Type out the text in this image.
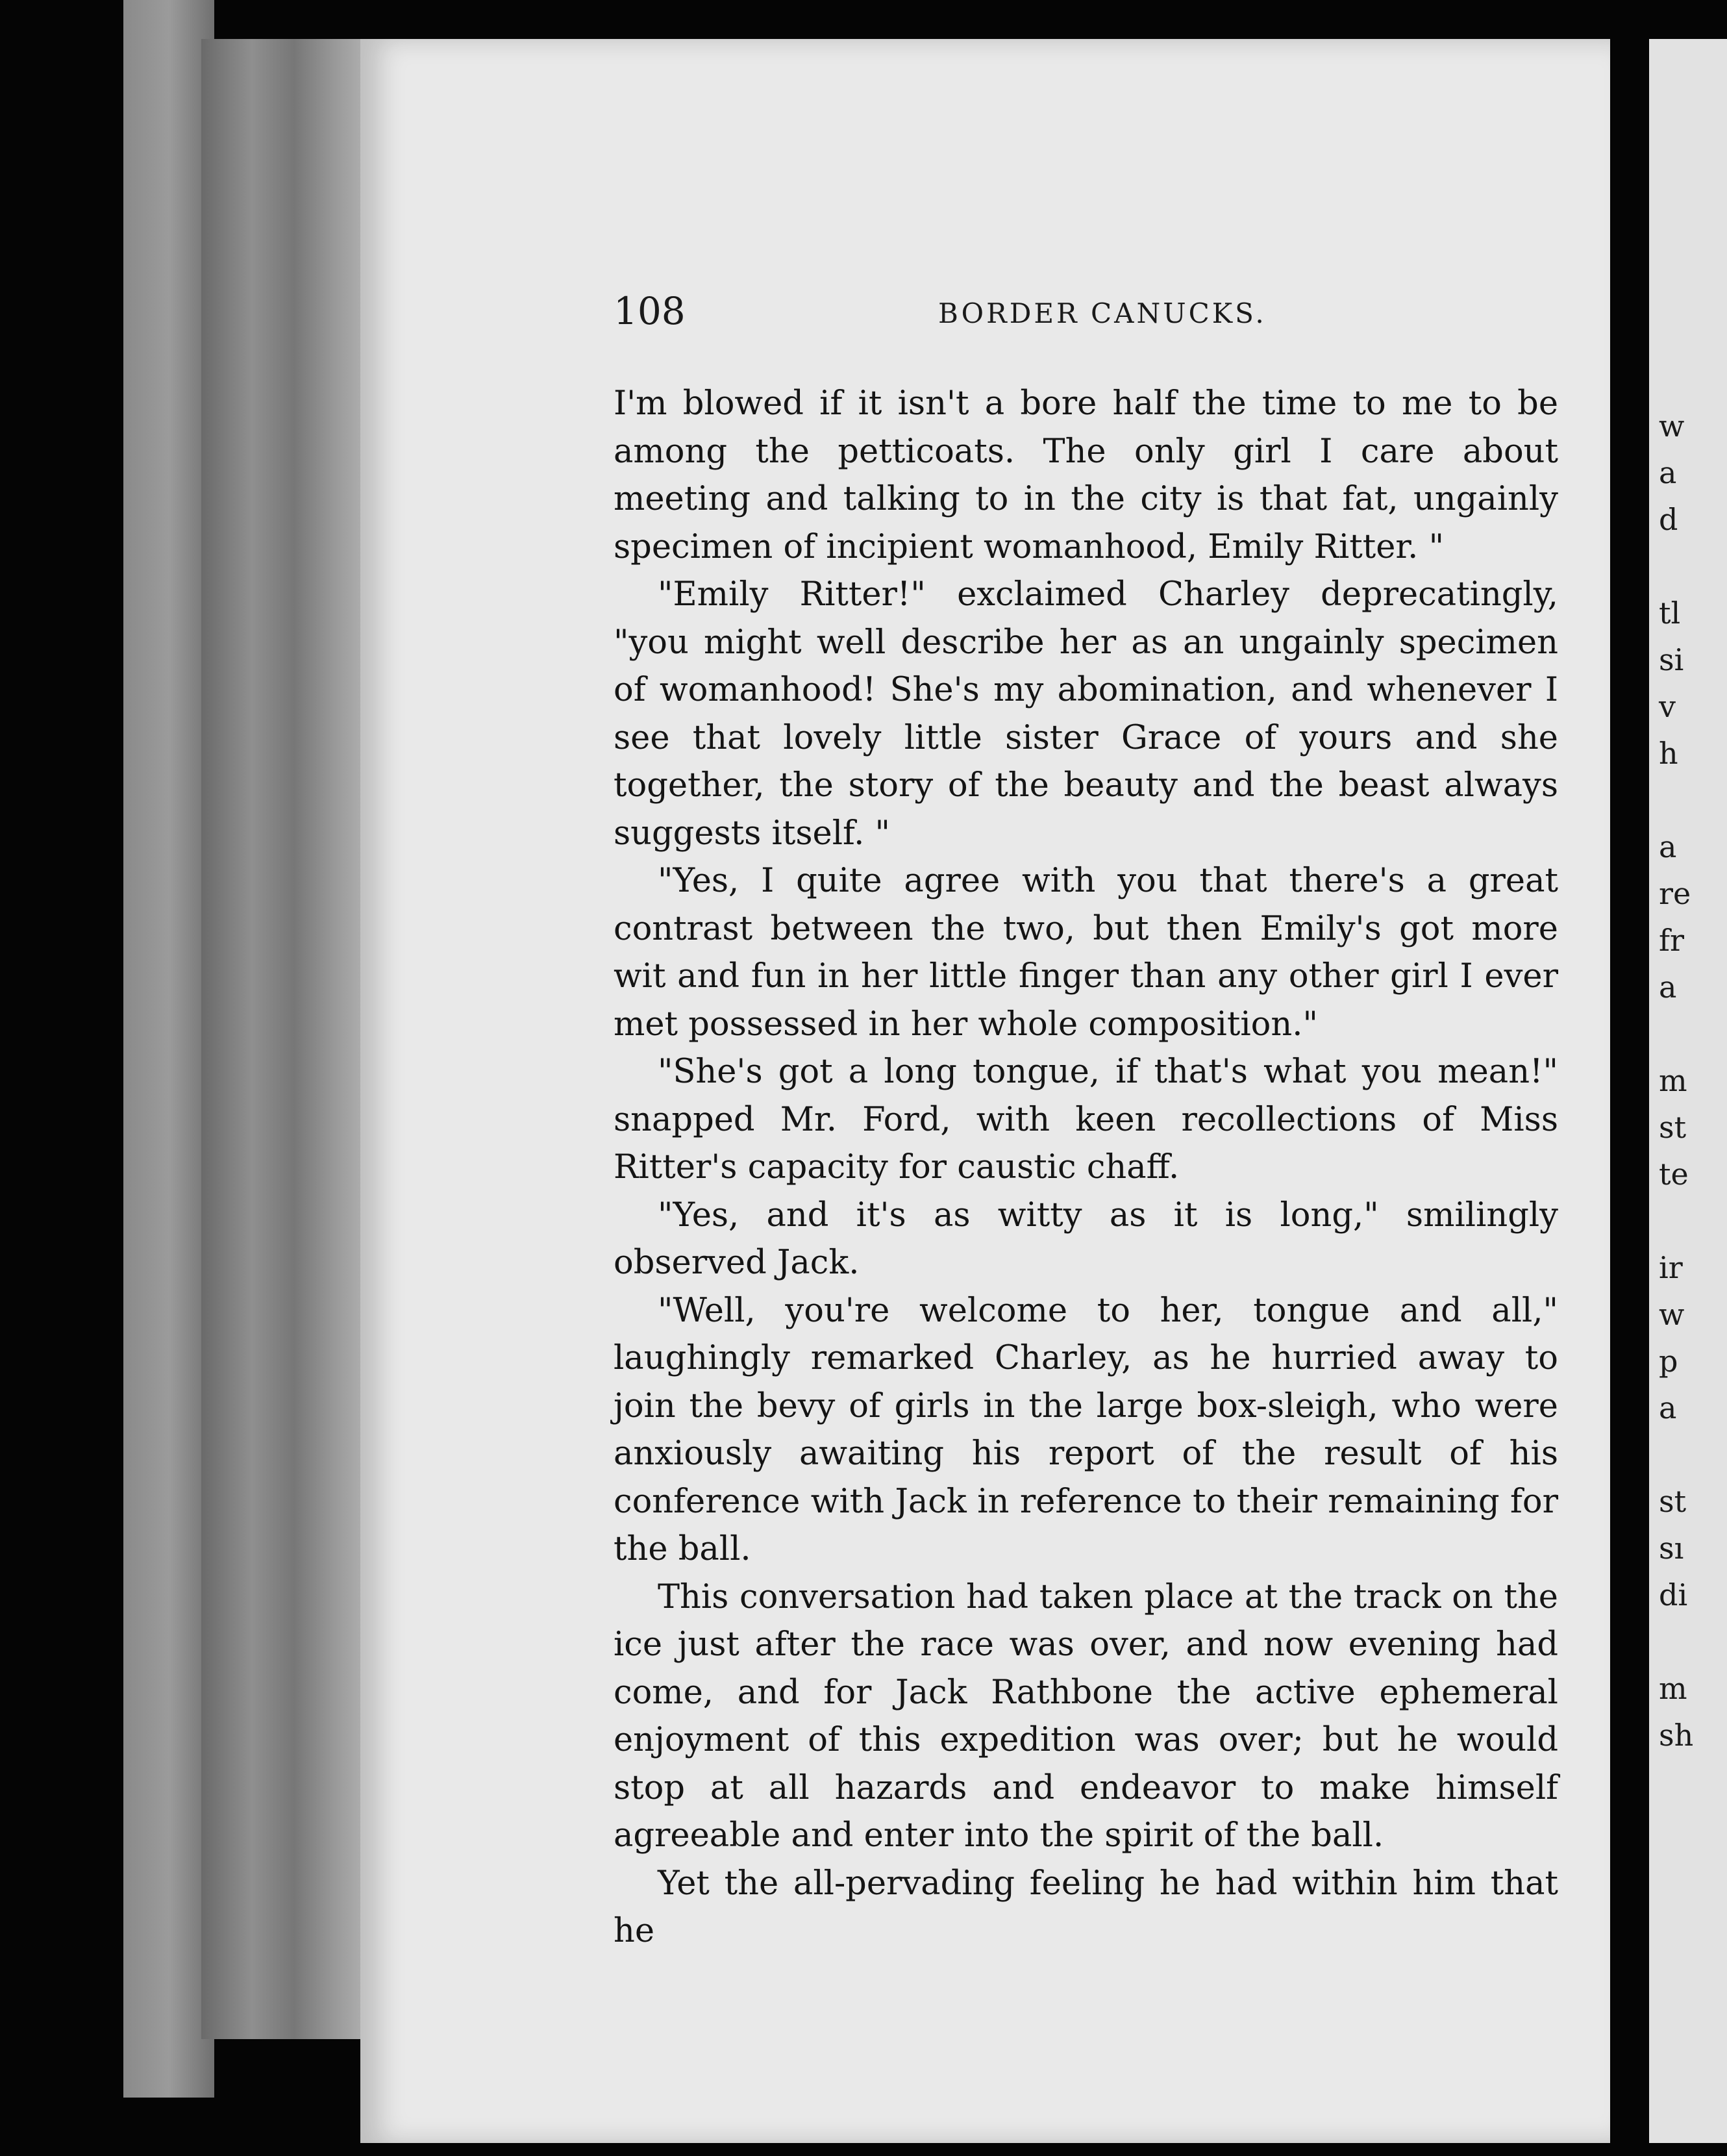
108	BORDER CANUCKS.

I'm blowed if it isn't a bore half the time to me to be among the petticoats. The only girl I care about meeting and talking to in the city is that fat, ungainly specimen of incipient womanhood, Emily Ritter. "

"Emily Ritter!" exclaimed Charley deprecatingly, "you might well describe her as an ungainly specimen of womanhood! She's my abomination, and whenever I see that lovely little sister Grace of yours and she together, the story of the beauty and the beast always suggests itself. "

"Yes, I quite agree with you that there's a great contrast between the two, but then Emily's got more wit and fun in her little finger than any other girl I ever met possessed in her whole composition."

"She's got a long tongue, if that's what you mean!" snapped Mr. Ford, with keen recollections of Miss Ritter's capacity for caustic chaff.

"Yes, and it's as witty as it is long," smilingly observed Jack.

"Well, you're welcome to her, tongue and all," laughingly remarked Charley, as he hurried away to join the bevy of girls in the large box-sleigh, who were anxiously awaiting his report of the result of his conference with Jack in reference to their remaining for the ball.

This conversation had taken place at the track on the ice just after the race was over, and now evening had come, and for Jack Rathbone the active ephemeral enjoyment of this expedition was over; but he would stop at all hazards and endeavor to make himself agreeable and enter into the spirit of the ball.

Yet the all-pervading feeling he had within him that he

w
a
d
tl
si
v
h
a
re
fr
a
m
st
te
ir
w
p
a
st
sı
di
m
sh
